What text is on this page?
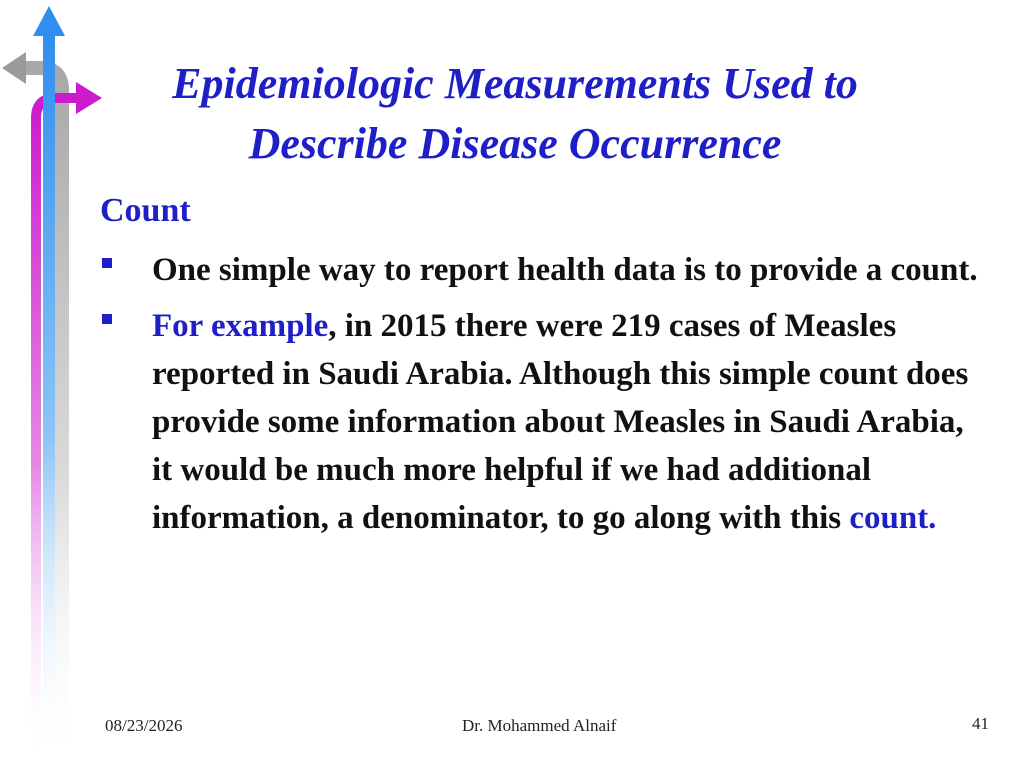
Epidemiologic Measurements Used to
Describe Disease Occurrence
Count
One simple way to report health data is to provide a count.
For example, in 2015 there were 219 cases of Measles reported in Saudi Arabia. Although this simple count does provide some information about Measles in Saudi Arabia, it would be much more helpful if we had additional information, a denominator, to go along with this count.
08/23/2026	Dr. Mohammed Alnaif	41
